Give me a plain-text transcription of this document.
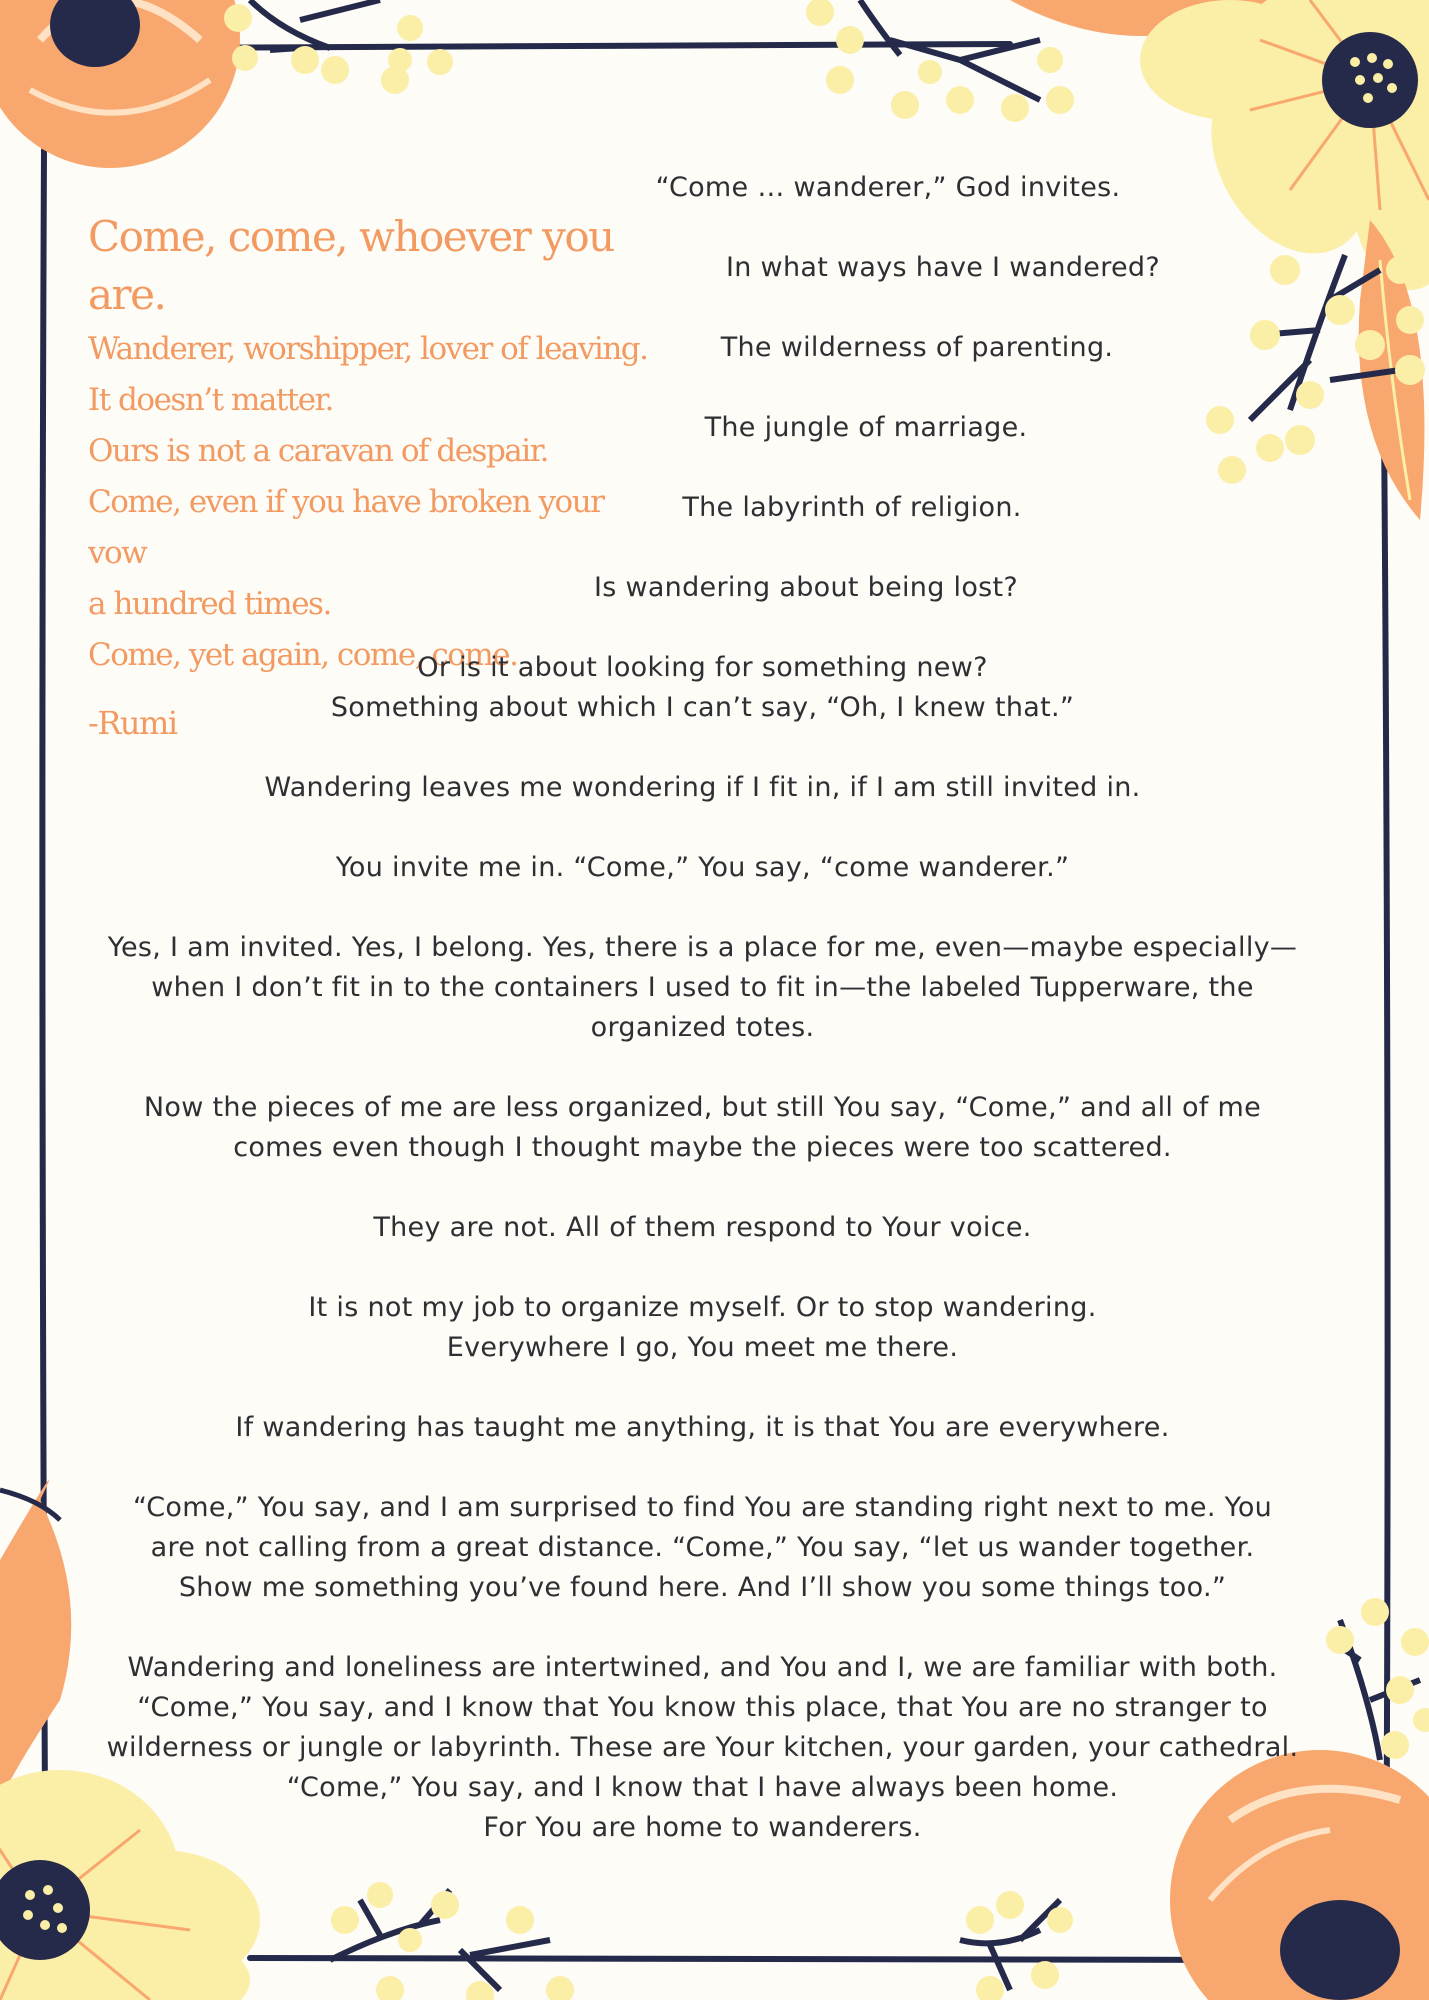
Come, come, whoever you are.
Wanderer, worshipper, lover of leaving.
It doesn’t matter.
Ours is not a caravan of despair.
Come, even if you have broken your vow
a hundred times.
Come, yet again, come, come.
-Rumi
“Come … wanderer,” God invites.
In what ways have I wandered?
The wilderness of parenting.
The jungle of marriage.
The labyrinth of religion.
Is wandering about being lost?
Or is it about looking for something new?
Something about which I can’t say, “Oh, I knew that.”
Wandering leaves me wondering if I fit in, if I am still invited in.
You invite me in. “Come,” You say, “come wanderer.”
Yes, I am invited. Yes, I belong. Yes, there is a place for me, even—maybe especially—
when I don’t fit in to the containers I used to fit in—the labeled Tupperware, the
organized totes.
Now the pieces of me are less organized, but still You say, “Come,” and all of me
comes even though I thought maybe the pieces were too scattered.
They are not. All of them respond to Your voice.
It is not my job to organize myself. Or to stop wandering.
Everywhere I go, You meet me there.
If wandering has taught me anything, it is that You are everywhere.
“Come,” You say, and I am surprised to find You are standing right next to me. You
are not calling from a great distance. “Come,” You say, “let us wander together.
Show me something you’ve found here. And I’ll show you some things too.”
Wandering and loneliness are intertwined, and You and I, we are familiar with both.
“Come,” You say, and I know that You know this place, that You are no stranger to
wilderness or jungle or labyrinth. These are Your kitchen, your garden, your cathedral.
“Come,” You say, and I know that I have always been home.
For You are home to wanderers.
